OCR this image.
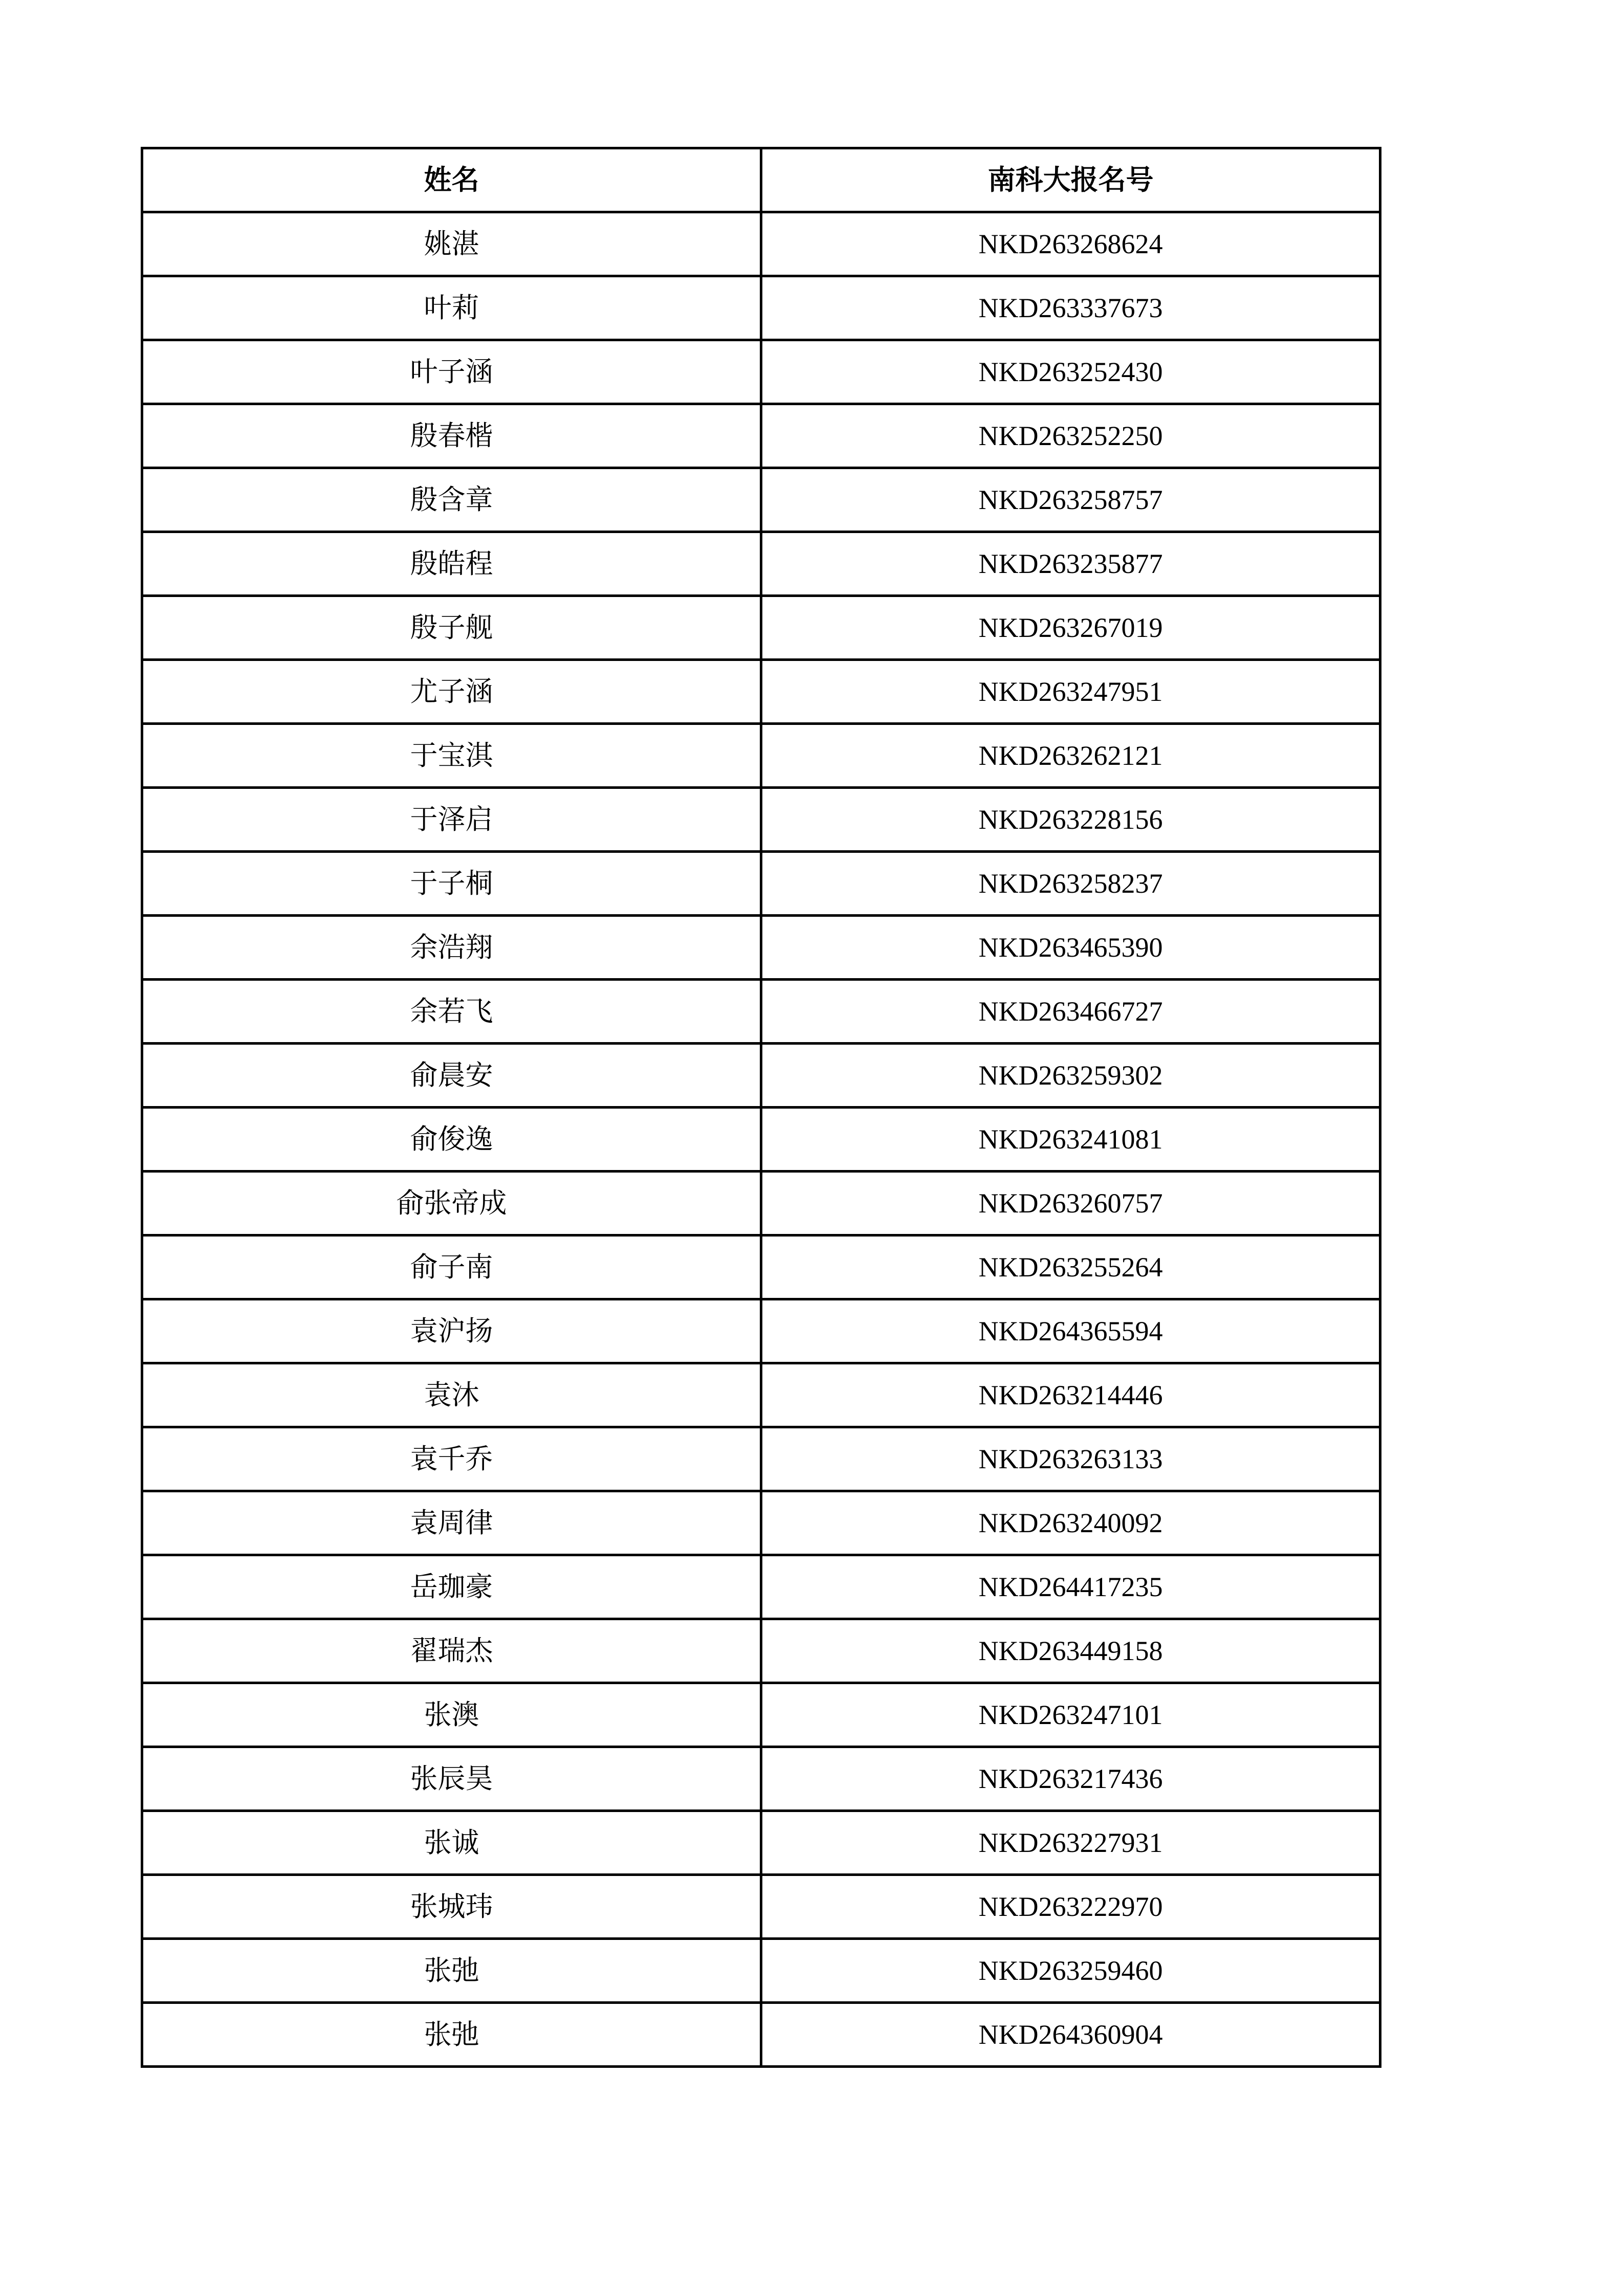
姓名	南科大报名号
姚湛	NKD263268624
叶莉	NKD263337673
叶子涵	NKD263252430
殷春楷	NKD263252250
殷含章	NKD263258757
殷皓程	NKD263235877
殷子舰	NKD263267019
尤子涵	NKD263247951
于宝淇	NKD263262121
于泽启	NKD263228156
于子桐	NKD263258237
余浩翔	NKD263465390
余若飞	NKD263466727
俞晨安	NKD263259302
俞俊逸	NKD263241081
俞张帝成	NKD263260757
俞子南	NKD263255264
袁沪扬	NKD264365594
袁沐	NKD263214446
袁千乔	NKD263263133
袁周律	NKD263240092
岳珈豪	NKD264417235
翟瑞杰	NKD263449158
张澳	NKD263247101
张辰昊	NKD263217436
张诚	NKD263227931
张城玮	NKD263222970
张弛	NKD263259460
张弛	NKD264360904
